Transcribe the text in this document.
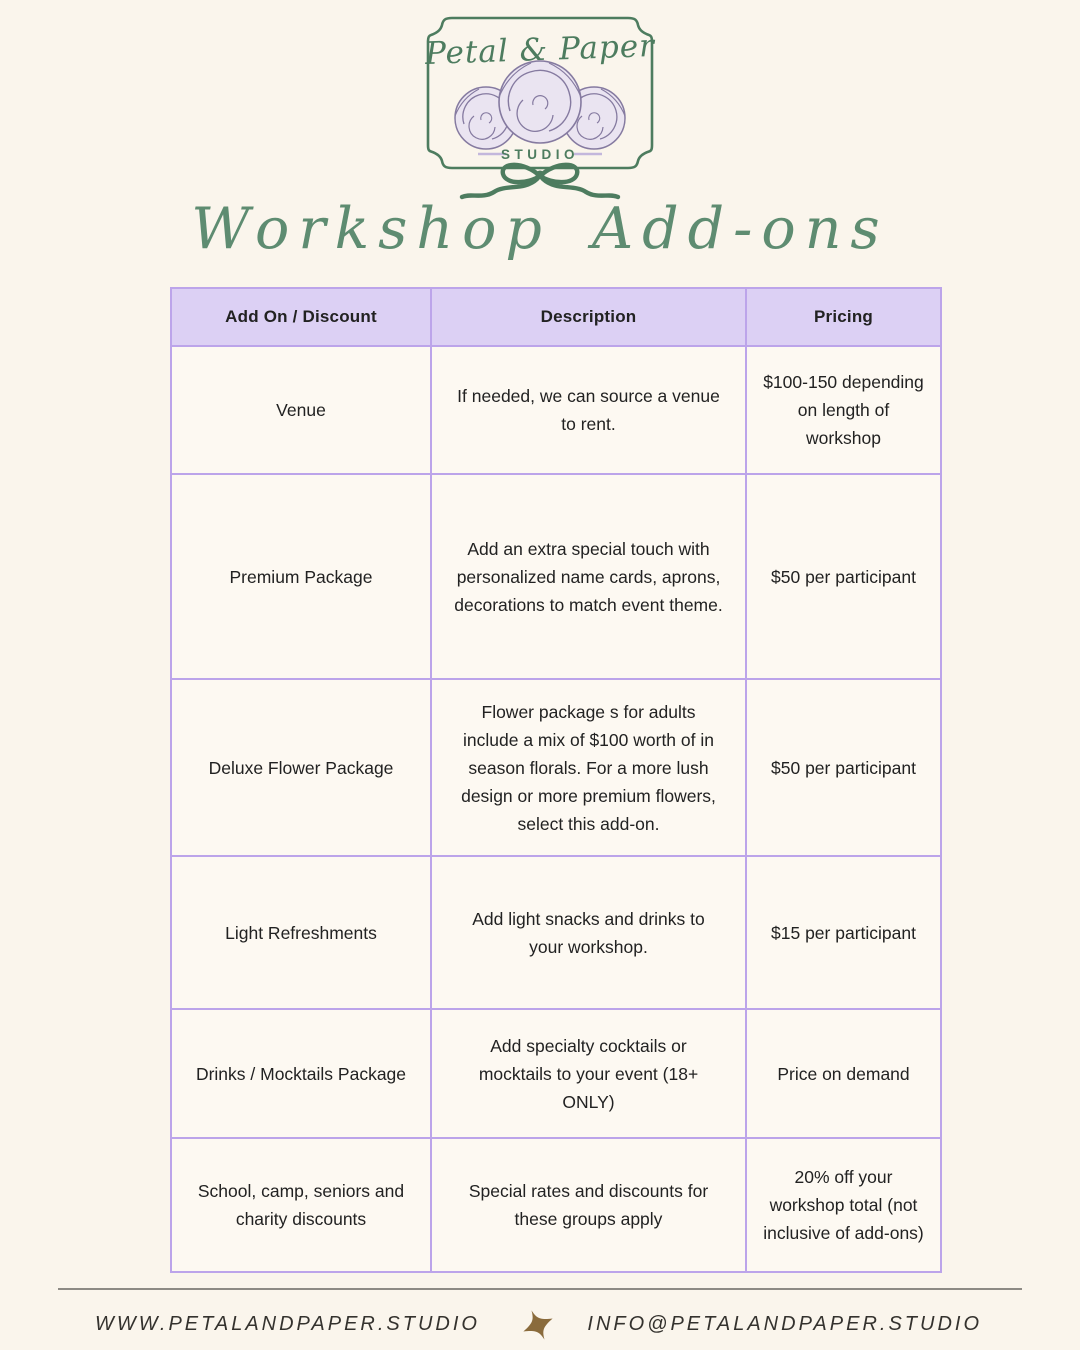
STUDIO
Petal & Paper
Workshop Add-ons
Add On / Discount	Description	Pricing
Venue	If needed, we can source a venue to rent.	$100-150 depending on length of workshop
Premium Package	Add an extra special touch with personalized name cards, aprons, decorations to match event theme.	$50 per participant
Deluxe Flower Package	Flower package s for adults include a mix of $100 worth of in season florals. For a more lush design or more premium flowers, select this add-on.	$50 per participant
Light Refreshments	Add light snacks and drinks to your workshop.	$15 per participant
Drinks / Mocktails Package	Add specialty cocktails or mocktails to your event (18+ ONLY)	Price on demand
School, camp, seniors and charity discounts	Special rates and discounts for these groups apply	20% off your workshop total (not inclusive of add-ons)
WWW.PETALANDPAPER.STUDIO	INFO@PETALANDPAPER.STUDIO
